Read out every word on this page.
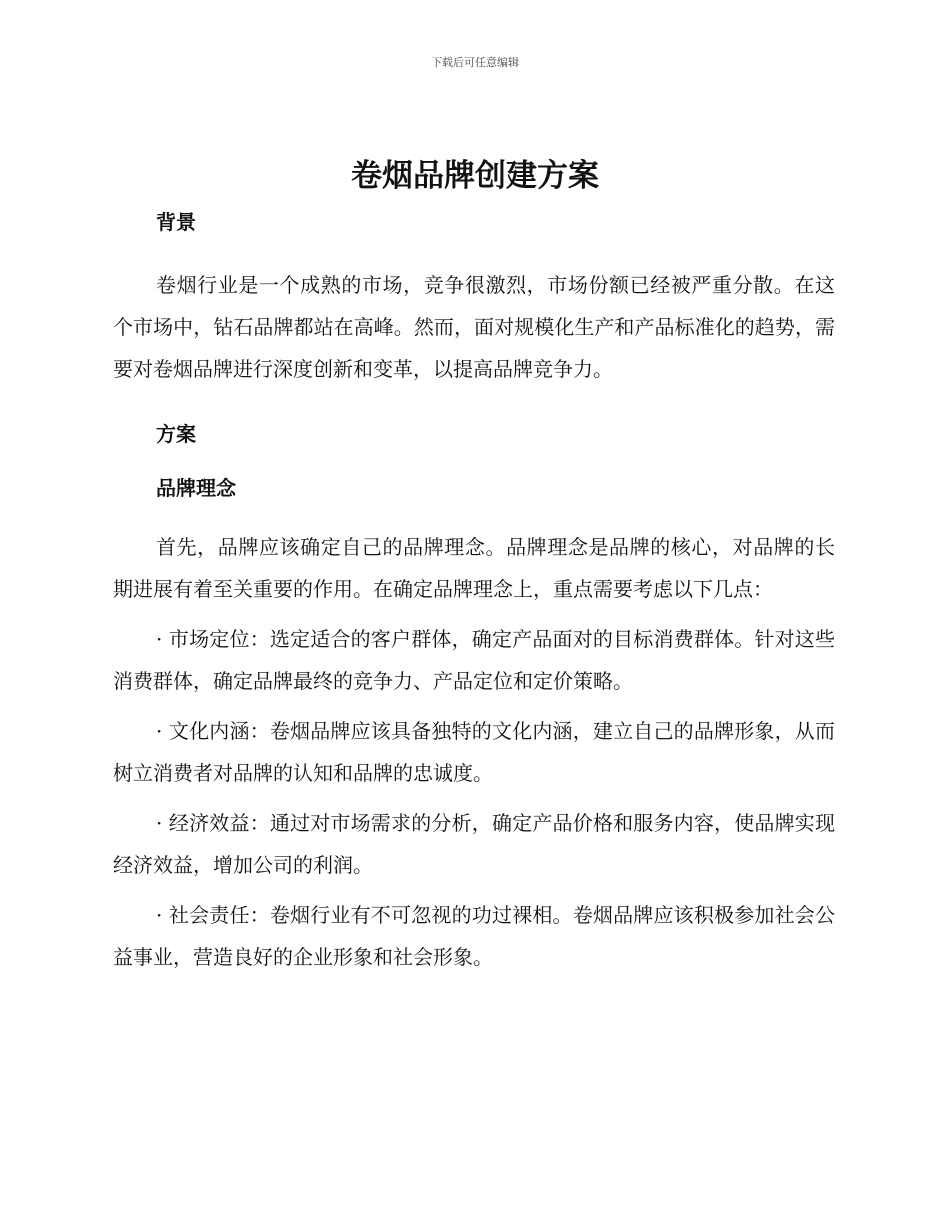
下载后可任意编辑
卷烟品牌创建方案

背景

卷烟行业是一个成熟的市场，竞争很激烈，市场份额已经被严重分散。在这个市场中，钻石品牌都站在高峰。然而，面对规模化生产和产品标准化的趋势，需要对卷烟品牌进行深度创新和变革，以提高品牌竞争力。

方案

品牌理念

首先，品牌应该确定自己的品牌理念。品牌理念是品牌的核心，对品牌的长期进展有着至关重要的作用。在确定品牌理念上，重点需要考虑以下几点：

· 市场定位：选定适合的客户群体，确定产品面对的目标消费群体。针对这些消费群体，确定品牌最终的竞争力、产品定位和定价策略。

· 文化内涵：卷烟品牌应该具备独特的文化内涵，建立自己的品牌形象，从而树立消费者对品牌的认知和品牌的忠诚度。

· 经济效益：通过对市场需求的分析，确定产品价格和服务内容，使品牌实现经济效益，增加公司的利润。

· 社会责任：卷烟行业有不可忽视的功过裸相。卷烟品牌应该积极参加社会公益事业，营造良好的企业形象和社会形象。
